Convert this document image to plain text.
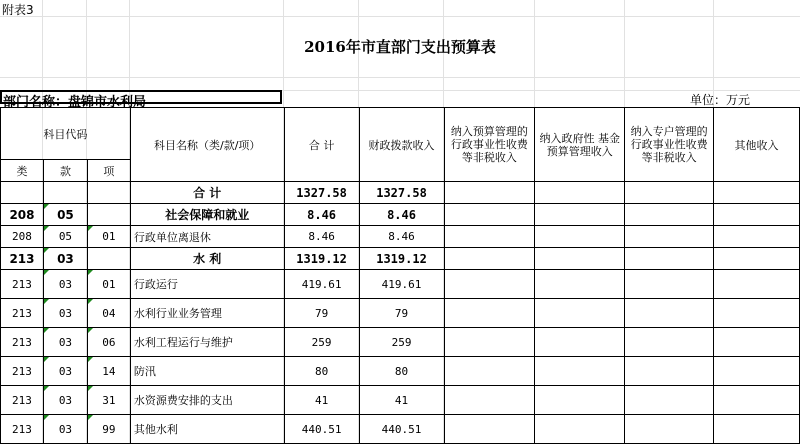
附表3
2016年市直部门支出预算表
部门名称：盘锦市水利局	单位：万元
科目代码			科目名称（类/款/项）	合 计	财政拨款收入	纳入预算管理的行政事业性收费等非税收入	纳入政府性 基金预算管理收入	纳入专户管理的行政事业性收费等非税收入	其他收入
类	款	项							
			合 计	1327.58	1327.58				
208	05		社会保障和就业	8.46	8.46				
208	05	01	行政单位离退休	8.46	8.46				
213	03		水 利	1319.12	1319.12				
213	03	01	行政运行	419.61	419.61				
213	03	04	水利行业业务管理	79	79				
213	03	06	水利工程运行与维护	259	259				
213	03	14	防汛	80	80				
213	03	31	水资源费安排的支出	41	41				
213	03	99	其他水利	440.51	440.51				
